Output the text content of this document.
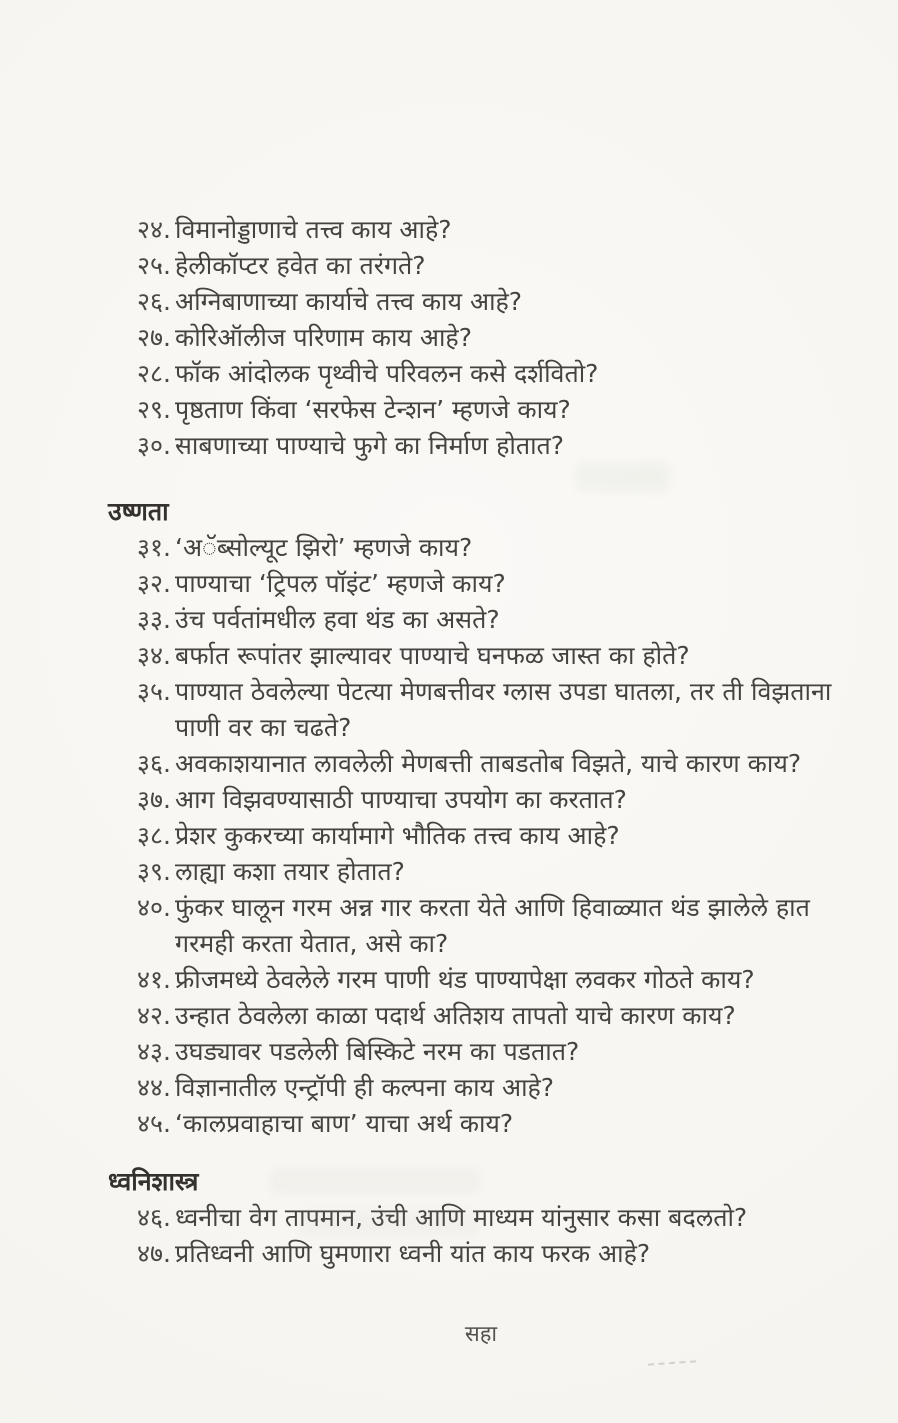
२४. विमानोड्डाणाचे तत्त्व काय आहे?
२५. हेलीकॉप्टर हवेत का तरंगते?
२६. अग्निबाणाच्या कार्याचे तत्त्व काय आहे?
२७. कोरिऑलीज परिणाम काय आहे?
२८. फॉक आंदोलक पृथ्वीचे परिवलन कसे दर्शवितो?
२९. पृष्ठताण किंवा ‘सरफेस टेन्शन’ म्हणजे काय?
३०. साबणाच्या पाण्याचे फुगे का निर्माण होतात?
उष्णता
३१. ‘अॅब्सोल्यूट झिरो’ म्हणजे काय?
३२. पाण्याचा ‘ट्रिपल पॉइंट’ म्हणजे काय?
३३. उंच पर्वतांमधील हवा थंड का असते?
३४. बर्फात रूपांतर झाल्यावर पाण्याचे घनफळ जास्त का होते?
३५. पाण्यात ठेवलेल्या पेटत्या मेणबत्तीवर ग्लास उपडा घातला, तर ती विझताना पाणी वर का चढते?
३६. अवकाशयानात लावलेली मेणबत्ती ताबडतोब विझते, याचे कारण काय?
३७. आग विझवण्यासाठी पाण्याचा उपयोग का करतात?
३८. प्रेशर कुकरच्या कार्यामागे भौतिक तत्त्व काय आहे?
३९. लाह्या कशा तयार होतात?
४०. फुंकर घालून गरम अन्न गार करता येते आणि हिवाळ्यात थंड झालेले हात गरमही करता येतात, असे का?
४१. फ्रीजमध्ये ठेवलेले गरम पाणी थंड पाण्यापेक्षा लवकर गोठते काय?
४२. उन्हात ठेवलेला काळा पदार्थ अतिशय तापतो याचे कारण काय?
४३. उघड्यावर पडलेली बिस्किटे नरम का पडतात?
४४. विज्ञानातील एन्ट्रॉपी ही कल्पना काय आहे?
४५. ‘कालप्रवाहाचा बाण’ याचा अर्थ काय?
ध्वनिशास्त्र
४६. ध्वनीचा वेग तापमान, उंची आणि माध्यम यांनुसार कसा बदलतो?
४७. प्रतिध्वनी आणि घुमणारा ध्वनी यांत काय फरक आहे?
सहा
